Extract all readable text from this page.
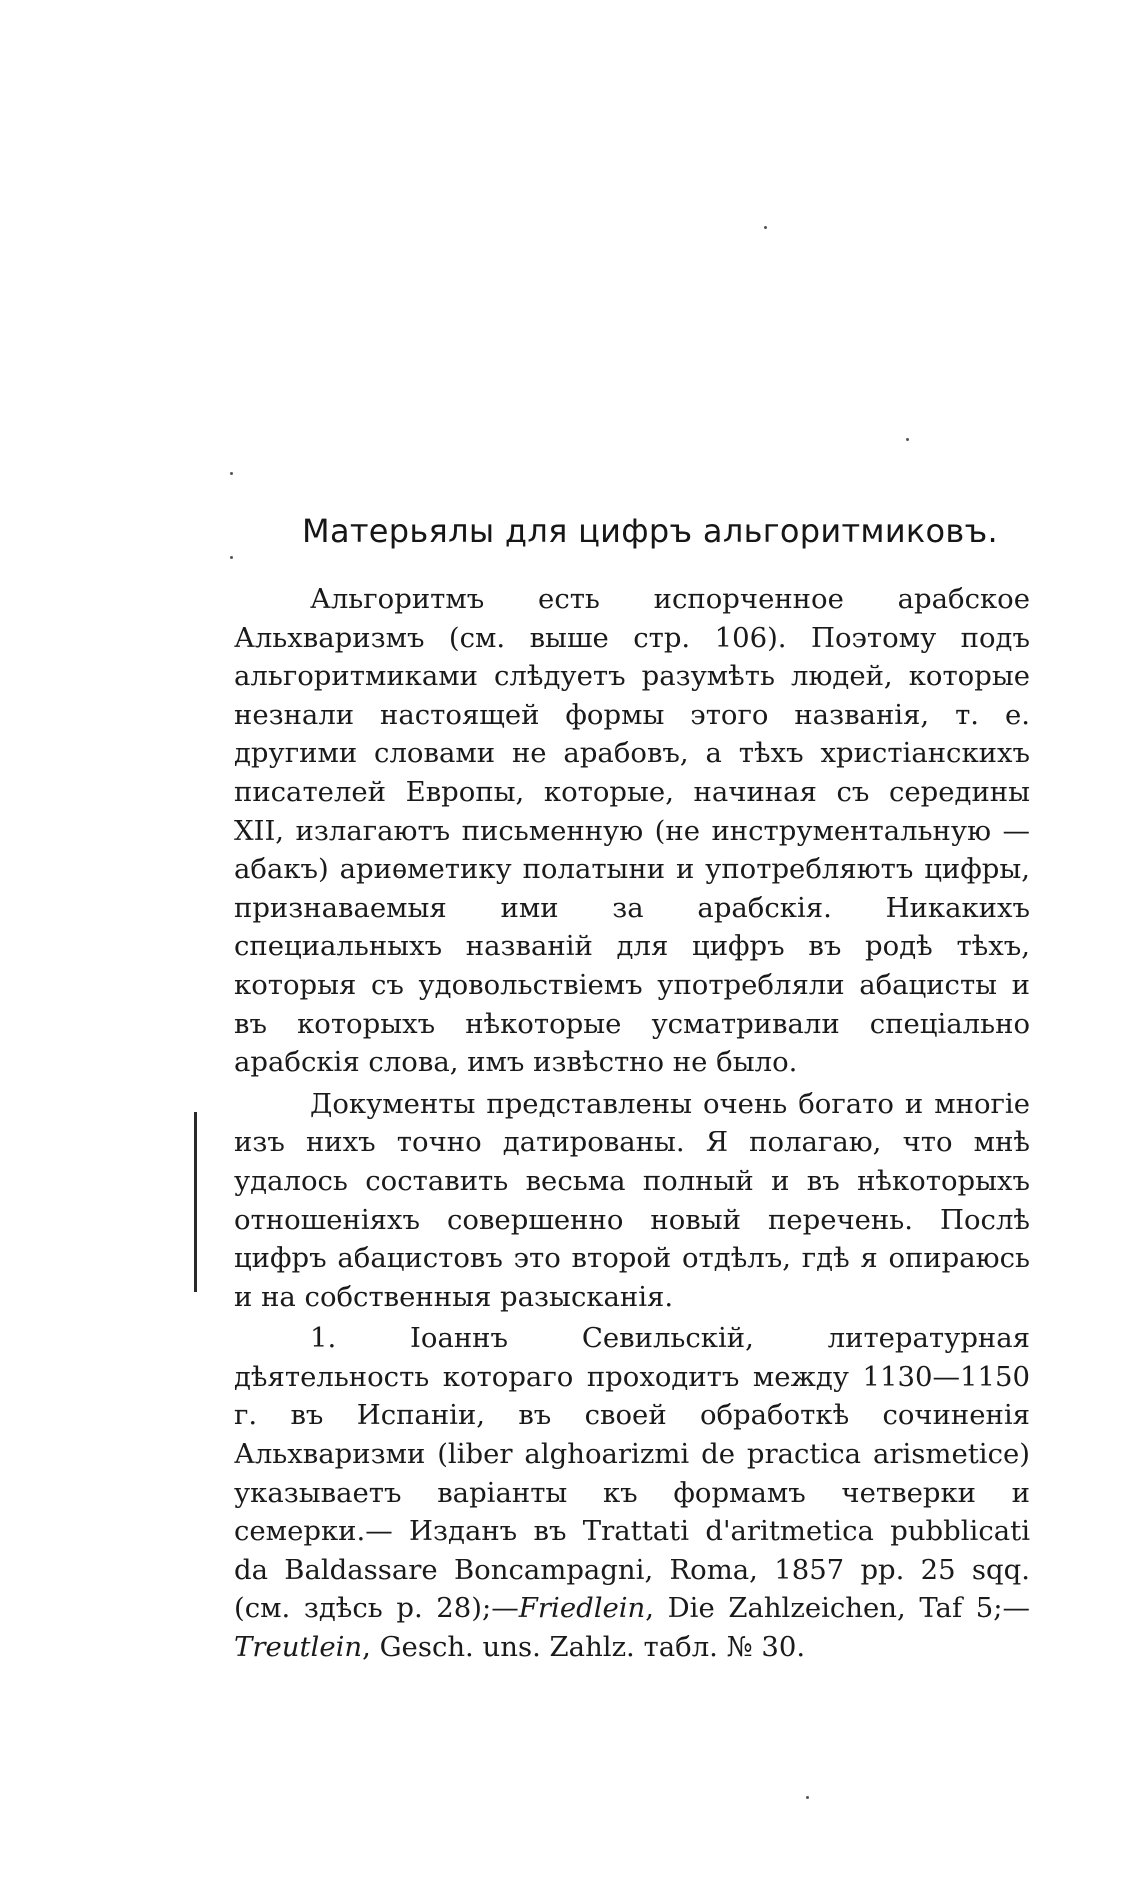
Матерьялы для цифръ альгоритмиковъ.

Альгоритмъ есть испорченное арабское Альхваризмъ (см. выше стр. 106). Поэтому подъ альгоритмиками слѣдуетъ разумѣть людей, которые незнали настоящей формы этого названія, т. е. другими словами не арабовъ, а тѣхъ христіанскихъ писателей Европы, которые, начиная съ середины XII, излагаютъ письменную (не инструментальную — абакъ) ариѳметику полатыни и употребляютъ цифры, признаваемыя ими за арабскія. Никакихъ специальныхъ названій для цифръ въ родѣ тѣхъ, которыя съ удовольствіемъ употребляли абацисты и въ которыхъ нѣкоторые усматривали спеціально арабскія слова, имъ извѣстно не было.

Документы представлены очень богато и многіе изъ нихъ точно датированы. Я полагаю, что мнѣ удалось составить весьма полный и въ нѣкоторыхъ отношеніяхъ совершенно новый перечень. Послѣ цифръ абацистовъ это второй отдѣлъ, гдѣ я опираюсь и на собственныя разысканія.

1. Іоаннъ Севильскій, литературная дѣятельность котораго проходитъ между 1130—1150 г. въ Испаніи, въ своей обработкѣ сочиненія Альхваризми (liber alghoarizmi de practica arismetice) указываетъ варіанты къ формамъ четверки и семерки.— Изданъ въ Trattati d'aritmetica pubblicati da Baldassare Boncampagni, Roma, 1857 pp. 25 sqq. (см. здѣсь p. 28);—Friedlein, Die Zahlzeichen, Taf 5;—Treutlein, Gesch. uns. Zahlz. табл. № 30.
